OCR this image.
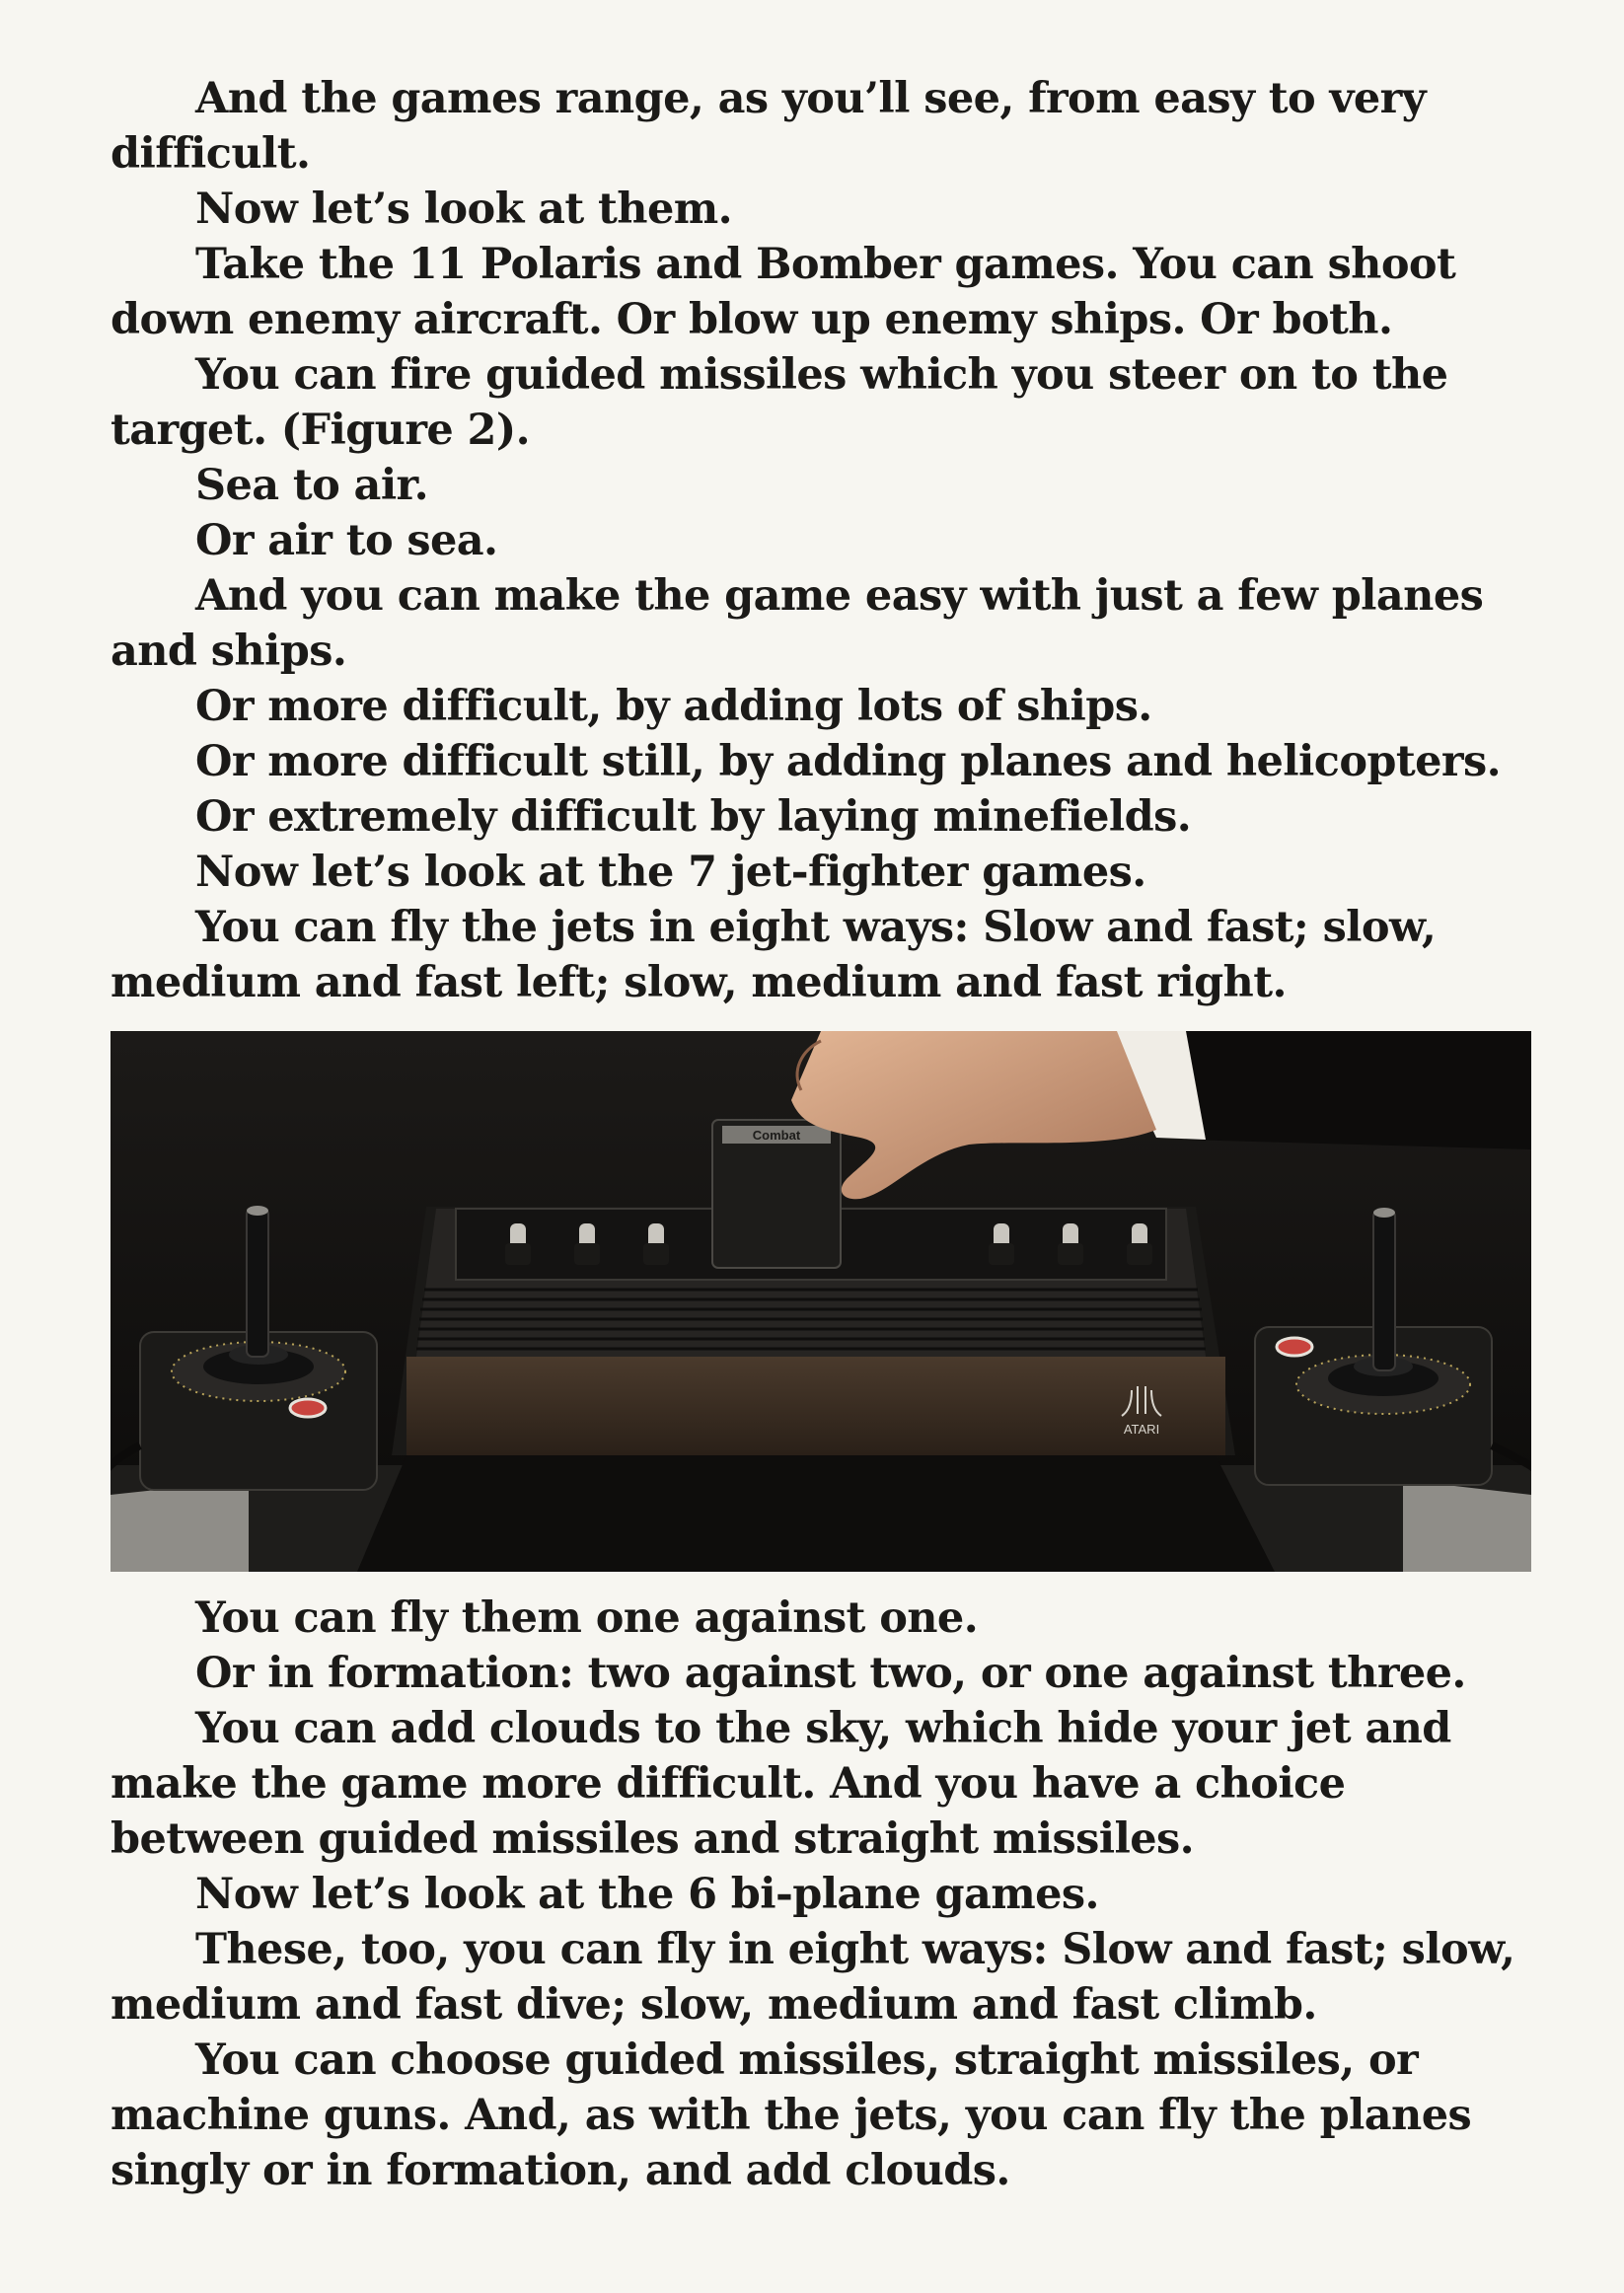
And the games range, as you’ll see, from easy to very

difficult.

Now let’s look at them.

Take the 11 Polaris and Bomber games. You can shoot

down enemy aircraft. Or blow up enemy ships. Or both.

You can fire guided missiles which you steer on to the

target. (Figure 2).

Sea to air.

Or air to sea.

And you can make the game easy with just a few planes

and ships.

Or more difficult, by adding lots of ships.

Or more difficult still, by adding planes and helicopters.

Or extremely difficult by laying minefields.

Now let’s look at the 7 jet-fighter games.

You can fly the jets in eight ways: Slow and fast; slow,

medium and fast left; slow, medium and fast right.

ATARI
Combat

You can fly them one against one.

Or in formation: two against two, or one against three.

You can add clouds to the sky, which hide your jet and

make the game more difficult. And you have a choice

between guided missiles and straight missiles.

Now let’s look at the 6 bi-plane games.

These, too, you can fly in eight ways: Slow and fast; slow,

medium and fast dive; slow, medium and fast climb.

You can choose guided missiles, straight missiles, or

machine guns. And, as with the jets, you can fly the planes

singly or in formation, and add clouds.
